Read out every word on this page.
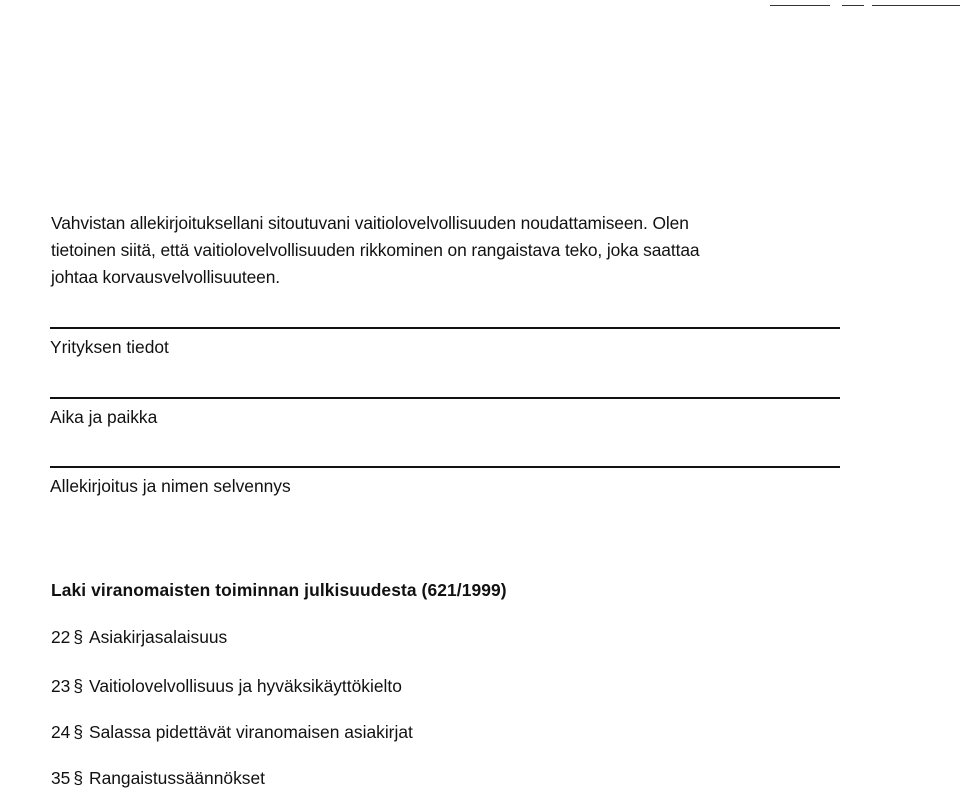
Vahvistan allekirjoituksellani sitoutuvani vaitiolovelvollisuuden noudattamiseen. Olen

tietoinen siitä, että vaitiolovelvollisuuden rikkominen on rangaistava teko, joka saattaa

johtaa korvausvelvollisuuteen.

Yrityksen tiedot
Aika ja paikka
Allekirjoitus ja nimen selvennys
Laki viranomaisten toiminnan julkisuudesta (621/1999)
22 § Asiakirjasalaisuus
23 § Vaitiolovelvollisuus ja hyväksikäyttökielto
24 § Salassa pidettävät viranomaisen asiakirjat
35 § Rangaistussäännökset
